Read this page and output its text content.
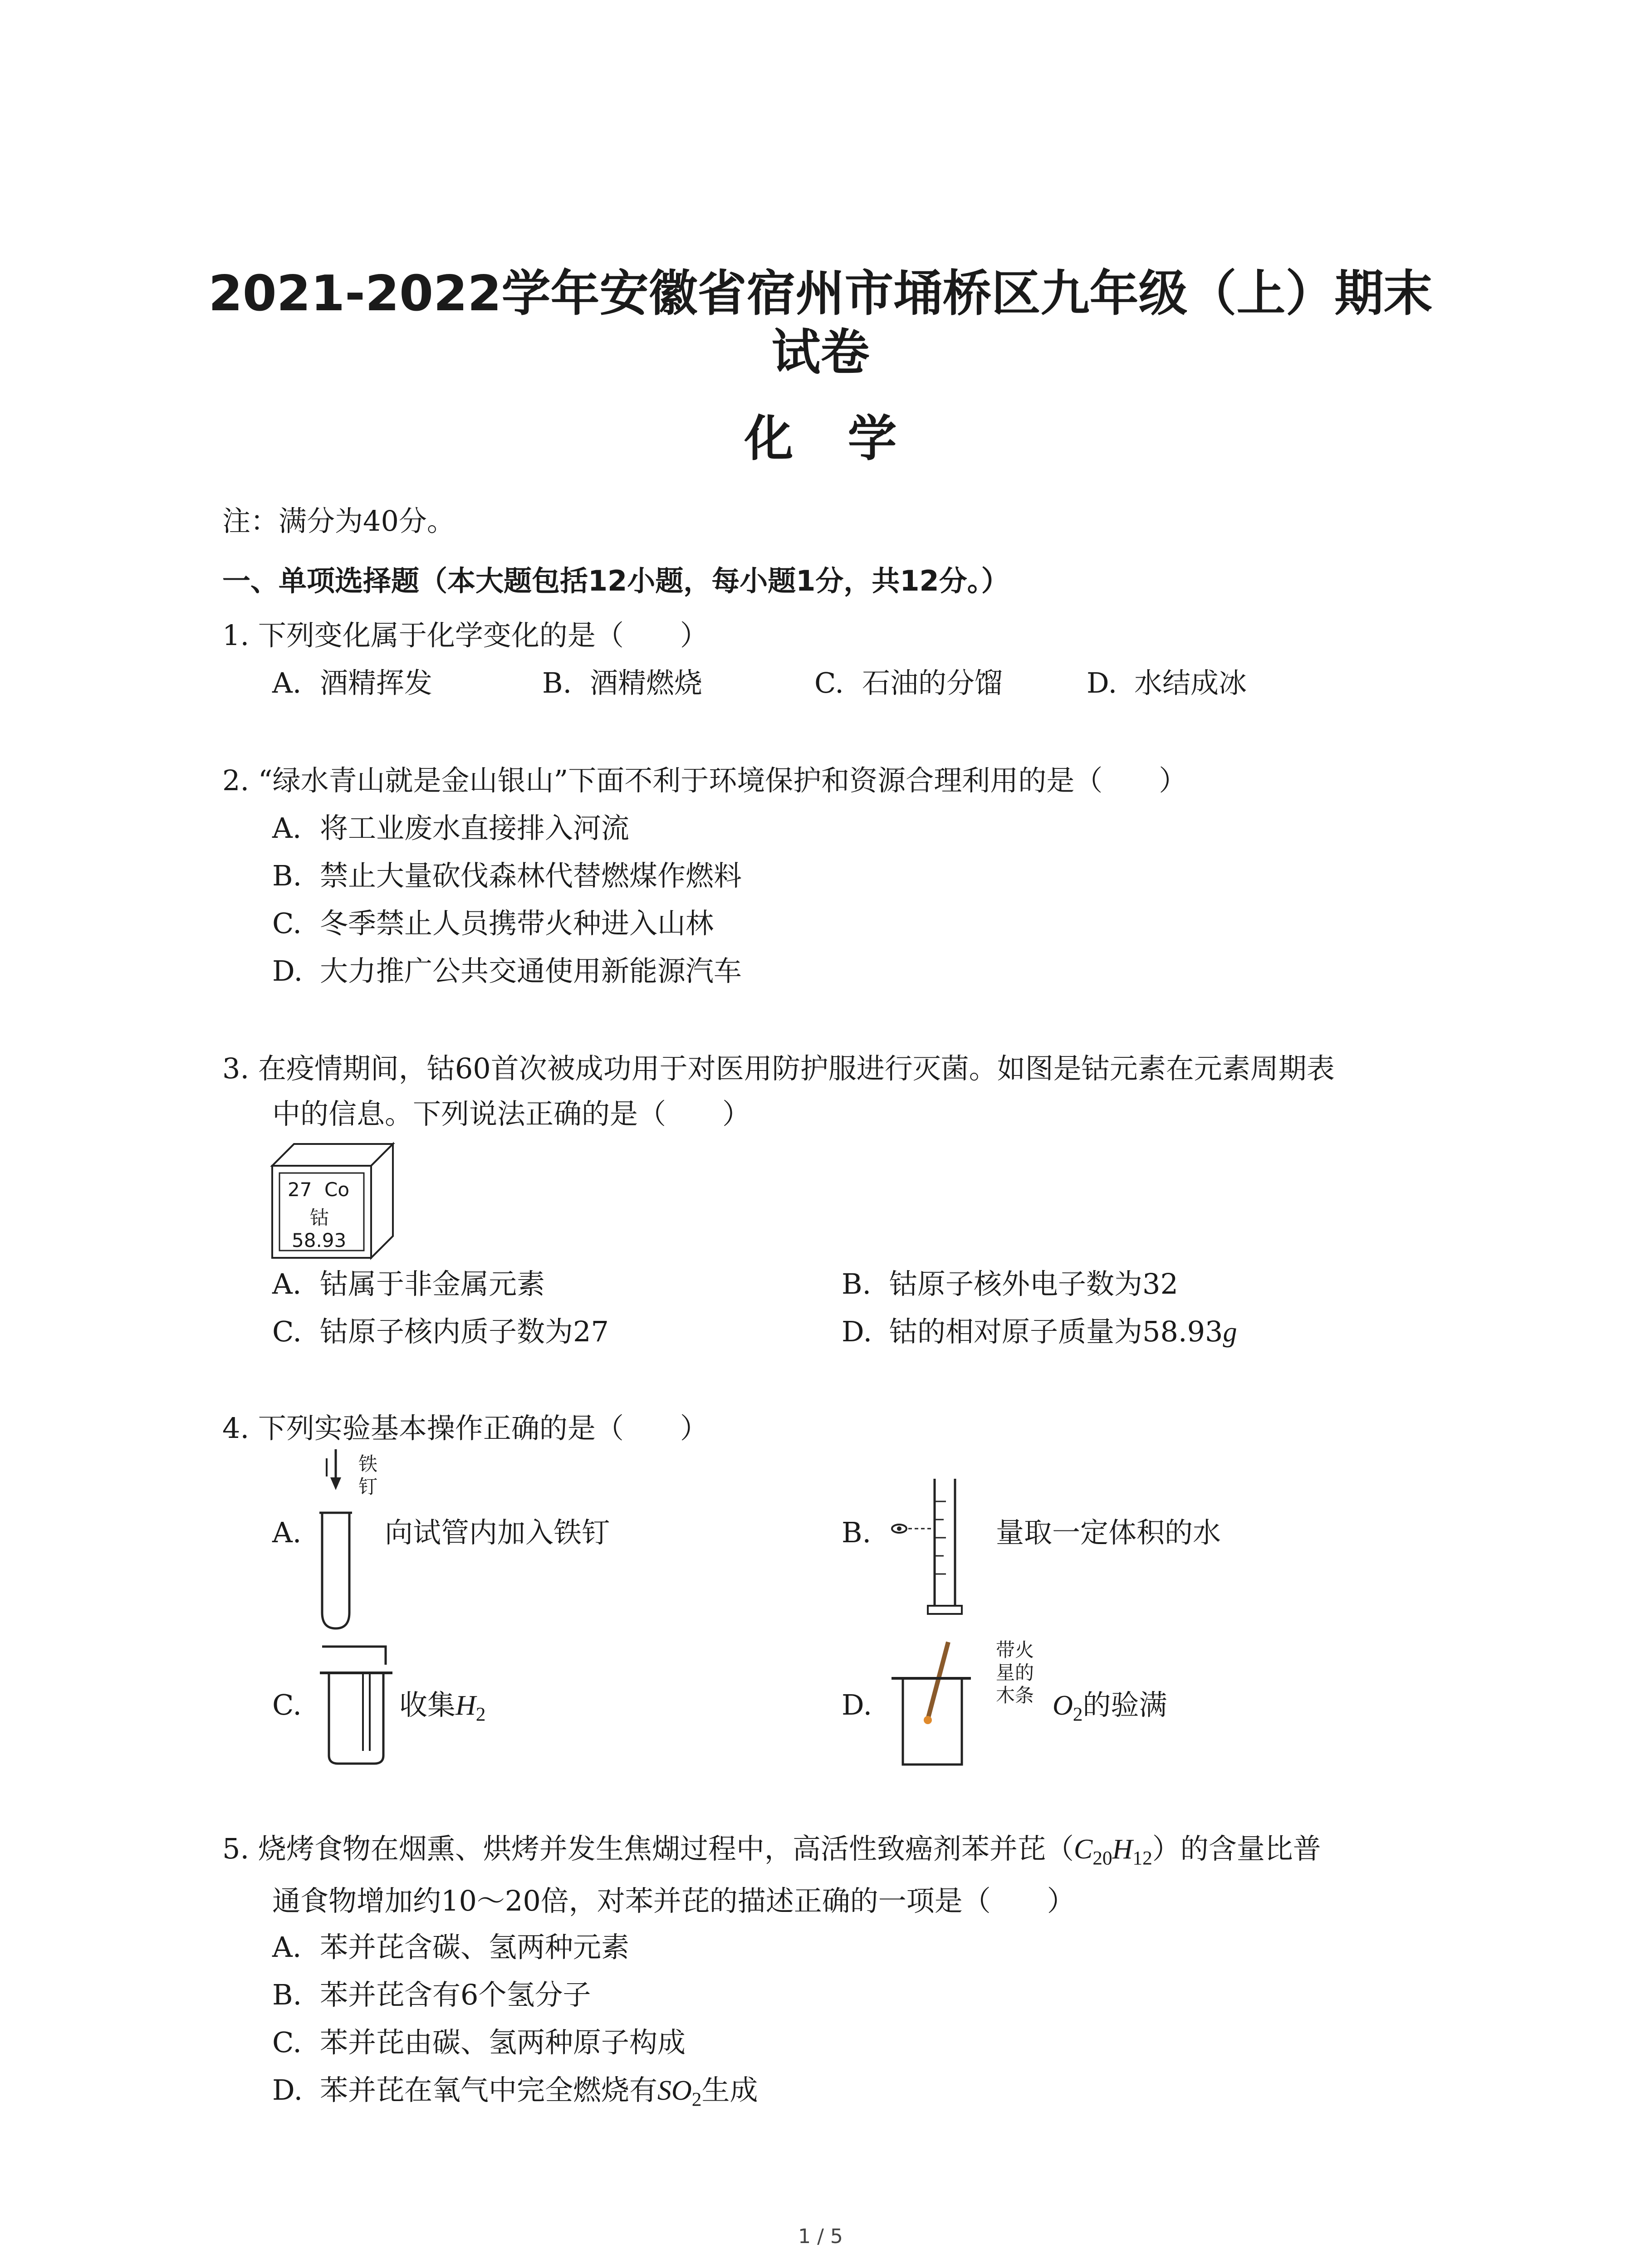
2021-2022学年安徽省宿州市埇桥区九年级（上）期末
试卷
化学
注：满分为40分。
一、单项选择题（本大题包括12小题，每小题1分，共12分。）
1. 下列变化属于化学变化的是（　　）
A. 酒精挥发	B. 酒精燃烧	C. 石油的分馏	D. 水结成冰
2. “绿水青山就是金山银山”下面不利于环境保护和资源合理利用的是（　　）
A. 将工业废水直接排入河流
B. 禁止大量砍伐森林代替燃煤作燃料
C. 冬季禁止人员携带火种进入山林
D. 大力推广公共交通使用新能源汽车
3. 在疫情期间，钴60首次被成功用于对医用防护服进行灭菌。如图是钴元素在元素周期表
中的信息。下列说法正确的是（　　）
27 Co
钴
58.93
A. 钴属于非金属元素	B. 钴原子核外电子数为32
C. 钴原子核内质子数为27	D. 钴的相对原子质量为58.93g
4. 下列实验基本操作正确的是（　　）
铁
钉
A.	向试管内加入铁钉	B.	量取一定体积的水
C.	收集$H_2$
带火
星的
木条
D.	$O_2$的验满
5. 烧烤食物在烟熏、烘烤并发生焦煳过程中，高活性致癌剂苯并芘$(C_{20}H_{12})$的含量比普
通食物增加约10～20倍，对苯并芘的描述正确的一项是（　　）
A. 苯并芘含碳、氢两种元素
B. 苯并芘含有6个氢分子
C. 苯并芘由碳、氢两种原子构成
D. 苯并芘在氧气中完全燃烧有$SO_2$生成
1 / 5
